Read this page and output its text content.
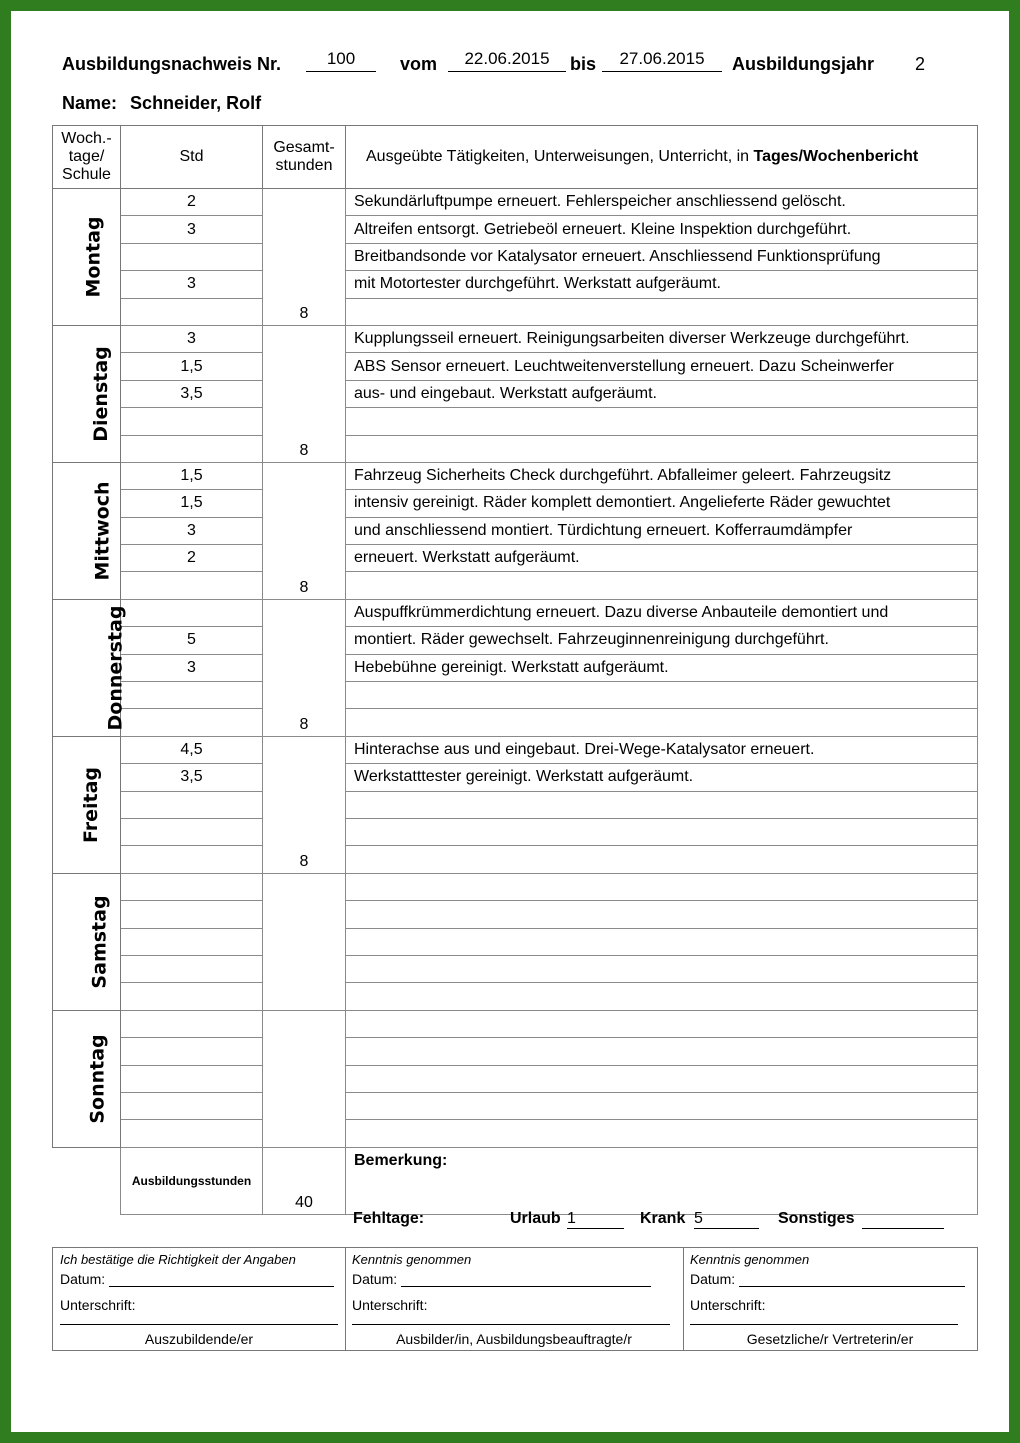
Ausbildungsnachweis Nr.	100	vom	22.06.2015	bis	27.06.2015	Ausbildungsjahr 2
Name: Schneider, Rolf
Woch.-tage/ Schule	Std	Gesamt-stunden	Ausgeübte Tätigkeiten, Unterweisungen, Unterricht, in Tages/Wochenbericht
Montag	2	8	Sekundärluftpumpe erneuert. Fehlerspeicher anschliessend gelöscht.
	3		Altreifen entsorgt. Getriebeöl erneuert. Kleine Inspektion durchgeführt.
			Breitbandsonde vor Katalysator erneuert. Anschliessend Funktionsprüfung
	3		mit Motortester durchgeführt. Werkstatt aufgeräumt.

Dienstag	3	8	Kupplungsseil erneuert. Reinigungsarbeiten diverser Werkzeuge durchgeführt.
	1,5		ABS Sensor erneuert. Leuchtweitenverstellung erneuert. Dazu Scheinwerfer
	3,5		aus- und eingebaut. Werkstatt aufgeräumt.

Mittwoch	1,5	8	Fahrzeug Sicherheits Check durchgeführt. Abfalleimer geleert. Fahrzeugsitz
	1,5		intensiv gereinigt. Räder komplett demontiert. Angelieferte Räder gewuchtet
	3		und anschliessend montiert. Türdichtung erneuert. Kofferraumdämpfer
	2		erneuert. Werkstatt aufgeräumt.

Donnerstag		8	Auspuffkrümmerdichtung erneuert. Dazu diverse Anbauteile demontiert und
	5		montiert. Räder gewechselt. Fahrzeuginnenreinigung durchgeführt.
	3		Hebebühne gereinigt. Werkstatt aufgeräumt.

Freitag	4,5	8	Hinterachse aus und eingebaut. Drei-Wege-Katalysator erneuert.
	3,5		Werkstatttester gereinigt. Werkstatt aufgeräumt.

Samstag			

Sonntag			

	Ausbildungsstunden	40	Bemerkung:
Fehltage:	Urlaub 1	Krank 5	Sonstiges
Ich bestätige die Richtigkeit der Angaben
Datum:
Unterschrift:
Auszubildende/er
Kenntnis genommen
Datum:
Unterschrift:
Ausbilder/in, Ausbildungsbeauftragte/r
Kenntnis genommen
Datum:
Unterschrift:
Gesetzliche/r Vertreterin/er
